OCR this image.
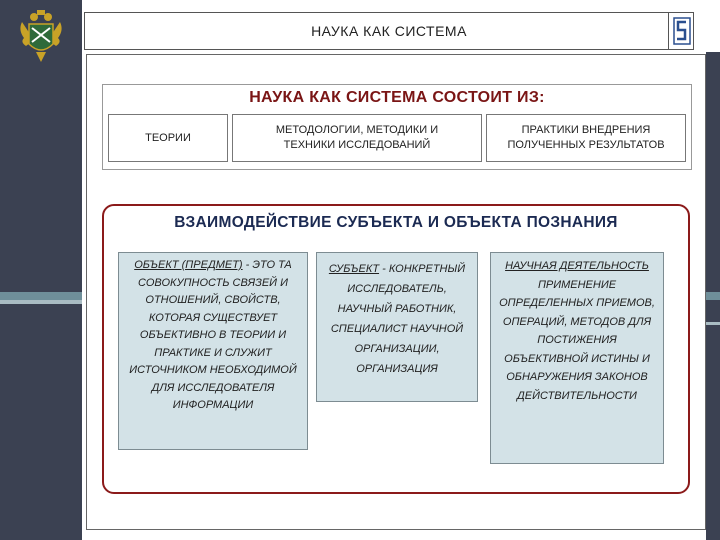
НАУКА КАК СИСТЕМА
НАУКА КАК СИСТЕМА СОСТОИТ ИЗ:
ТЕОРИИ
МЕТОДОЛОГИИ, МЕТОДИКИ И ТЕХНИКИ ИССЛЕДОВАНИЙ
ПРАКТИКИ ВНЕДРЕНИЯ ПОЛУЧЕННЫХ РЕЗУЛЬТАТОВ
ВЗАИМОДЕЙСТВИЕ СУБЪЕКТА И ОБЪЕКТА ПОЗНАНИЯ
ОБЪЕКТ (ПРЕДМЕТ) - ЭТО ТА СОВОКУПНОСТЬ СВЯЗЕЙ И ОТНОШЕНИЙ, СВОЙСТВ, КОТОРАЯ СУЩЕСТВУЕТ ОБЪЕКТИВНО В ТЕОРИИ И ПРАКТИКЕ И СЛУЖИТ ИСТОЧНИКОМ НЕОБХОДИМОЙ ДЛЯ ИССЛЕДОВАТЕЛЯ ИНФОРМАЦИИ
СУБЪЕКТ - КОНКРЕТНЫЙ ИССЛЕДОВАТЕЛЬ, НАУЧНЫЙ РАБОТНИК, СПЕЦИАЛИСТ НАУЧНОЙ ОРГАНИЗАЦИИ, ОРГАНИЗАЦИЯ
НАУЧНАЯ ДЕЯТЕЛЬНОСТЬ ПРИМЕНЕНИЕ ОПРЕДЕЛЕННЫХ ПРИЕМОВ, ОПЕРАЦИЙ, МЕТОДОВ ДЛЯ ПОСТИЖЕНИЯ ОБЪЕКТИВНОЙ ИСТИНЫ И ОБНАРУЖЕНИЯ ЗАКОНОВ ДЕЙСТВИТЕЛЬНОСТИ
